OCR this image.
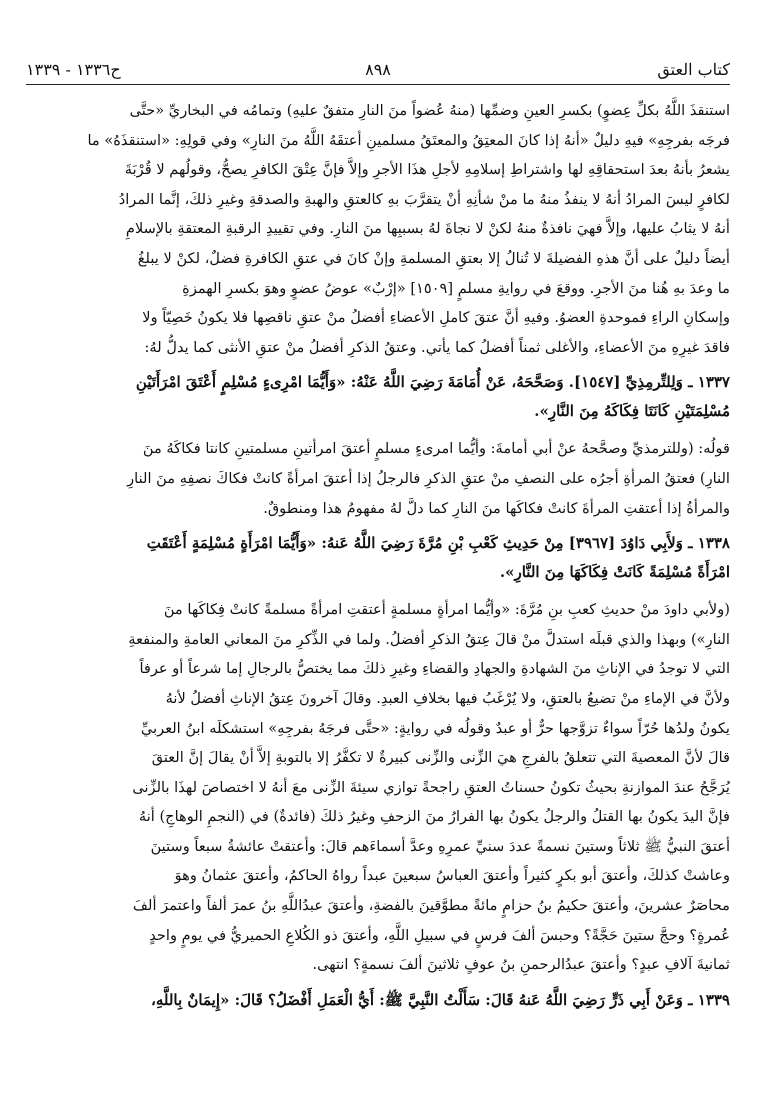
كتاب العتق
٨٩٨
ح١٣٣٦ - ١٣٣٩

استنقذَ اللَّهُ بكلِّ عِضوٍ) بكسرِ العينِ وضمِّها (منهُ عُضواً منَ النارِ متفقٌ عليهِ) وتمامُه في البخاريِّ «حتَّى

فرجَه بفرجِهِ» فيهِ دليلٌ «أنهُ إذا كانَ المعتِقُ والمعتَقُ مسلمينِ أعتقَهُ اللَّهُ منَ النارِ» وفي قولِهِ: «استنقذَهُ» ما

يشعرُ بأنهُ بعدَ استحقاقِهِ لها واشتراطِ إسلامِهِ لأجلِ هذَا الأجرِ وإلاَّ فإنَّ عِتْقَ الكافرِ يصحُّ، وقولُهم لا قُرْبَةَ

لكافرٍ ليسَ المرادُ أنهُ لا ينفذُ منهُ ما منْ شأنِهِ أنْ يتقرَّبَ بهِ كالعتقِ والهبةِ والصدقةِ وغيرِ ذلكَ، إنَّما المرادُ

أنهُ لا يثابُ عليها، وإلاَّ فهيَ نافذةٌ منهُ لكنْ لا نجاةَ لهُ بسببِها منَ النارِ. وفي تقييدِ الرقبةِ المعتقةِ بالإسلامِ

أيضاً دليلٌ على أنَّ هذهِ الفضيلةَ لا تُنالُ إلا بعتقِ المسلمةِ وإنْ كانَ في عتقِ الكافرةِ فضلٌ، لكنْ لا يبلغُ

ما وعدَ بهِ هُنا منَ الأجرِ. ووقعَ في روايةِ مسلمٍ [١٥٠٩] «إرْبٌ» عوضُ عضوٍ وهوَ بكسرِ الهمزةِ

وإسكانِ الراءِ فموحدةِ العضوُ. وفيهِ أنَّ عتقَ كاملِ الأعضاءِ أفضلُ منْ عتقِ ناقصِها فلا يكونُ خَصِيّاً ولا

فاقدَ غيرِهِ منَ الأعضاءِ، والأغلى ثمناً أفضلُ كما يأتي. وعتقُ الذكرِ أفضلُ منْ عتقِ الأنثى كما يدلُّ لهُ:

١٣٣٧ ـ وَلِلتِّرمِذِيِّ [١٥٤٧]. وَصَحَّحَهُ، عَنْ أُمَامَةَ رَضِيَ اللَّهُ عَنْهُ: «وَأَيُّمَا امْرِىءٍ مُسْلِمٍ أَعْتَقَ امْرَأَتَيْنِ

مُسْلِمَتَيْنِ كَانَتَا فِكَاكَهُ مِنَ النَّارِ».

قولُه: (وللترمذيِّ وصحَّحهُ عنْ أبي أمامةَ: وأيُّما امرىءٍ مسلمٍ أعتقَ امرأتينِ مسلمتينِ كانتا فكاكَهُ منَ

النارِ) فعتقُ المرأةِ أجرُه على النصفِ منْ عتقِ الذكرِ فالرجلُ إذا أعتقَ امرأةً كانتْ فكاكَ نصفِهِ منَ النارِ

والمرأةُ إذا أعتقتِ المرأةَ كانتْ فكاكَها منَ النارِ كما دلَّ لهُ مفهومُ هذا ومنطوقٌ.

١٣٣٨ ـ وَلأَبِي دَاوُدَ [٣٩٦٧] مِنْ حَدِيثِ كَعْبِ بْنِ مُرَّةَ رَضِيَ اللَّهُ عَنهُ: «وَأَيُّمَا امْرَأَةٍ مُسْلِمَةٍ أَعْتَقَتِ

امْرَأَةً مُسْلِمَةً كَانَتْ فِكَاكَهَا مِنَ النَّارِ».

(ولأبي داودَ منْ حديثِ كعبِ بنِ مُرَّةَ: «وأيُّما امرأةٍ مسلمةٍ أعتقتِ امرأةً مسلمةً كانتْ فِكاكَها منَ

النارِ») وبهذا والذي قبلَه استدلَّ منْ قالَ عِتقُ الذكرِ أفضلُ. ولما في الذِّكرِ منَ المعاني العامةِ والمنفعةِ

التي لا توجدُ في الإناثِ منَ الشهادةِ والجهادِ والقضاءِ وغيرِ ذلكَ مما يختصُّ بالرجالِ إما شرعاً أو عرفاً

ولأنَّ في الإماءِ منْ تضيعُ بالعتقِ، ولا يُرْغَبُ فيها بخلافِ العبدِ. وقالَ آخرونَ عِتقُ الإناثِ أفضلُ لأنهُ

يكونُ ولدُها حُرّاً سواءٌ تزوَّجها حرٌّ أو عبدٌ وقولُه في روايةٍ: «حتَّى فرجَهُ بفرجِهِ» استشكلَه ابنُ العربيِّ

قالَ لأنَّ المعصيةَ التي تتعلقُ بالفرجِ هيَ الزِّنى والزِّنى كبيرةٌ لا تكفَّرُ إلا بالتوبةِ إلاَّ أنْ يقالَ إنَّ العتقَ

يُرَجَّحُ عندَ الموازنةِ بحيثُ تكونُ حسناتُ العتقِ راجحةً توازي سيئةَ الزِّنى معَ أنهُ لا اختصاصَ لهذَا بالزِّنى

فإنَّ اليدَ يكونُ بها القتلُ والرجلُ يكونُ بها الفرارُ منَ الزحفِ وغيرُ ذلكَ (فائدةٌ) في (النجمِ الوهاجِ) أنهُ

أعتقَ النبيُّ ﷺ ثلاثاً وستينَ نسمةً عددَ سنيِّ عمرِهِ وعدَّ أسماءَهم قالَ: وأعتقتْ عائشةُ سبعاً وستينَ

وعاشتْ كذلكَ، وأعتقَ أبو بكرٍ كثيراً وأعتقَ العباسُ سبعينَ عبداً رواهُ الحاكمُ، وأعتقَ عثمانُ وهوَ

محاصَرٌ عشرينَ، وأعتقَ حكيمُ بنُ حزامٍ مائةً مطوَّقينَ بالفضةِ، وأعتقَ عبدُاللَّهِ بنُ عمرَ ألفاً واعتمرَ ألفَ

عُمرةٍ؟ وحجَّ ستينَ حَجَّةً؟ وحبسَ ألفَ فرسٍ في سبيلِ اللَّهِ، وأعتقَ ذو الكُلاعِ الحميريُّ في يومٍ واحدٍ

ثمانيةَ آلافِ عبدٍ؟ وأعتقَ عبدُالرحمنِ بنُ عوفٍ ثلاثينَ ألفَ نسمةٍ؟ انتهى.

١٣٣٩ ـ وَعَنْ أَبِي ذَرٍّ رَضِيَ اللَّهُ عَنهُ قَالَ: سَأَلْتُ النَّبِيَّ ﷺ: أَيُّ الْعَمَلِ أَفْضَلُ؟ قَالَ: «إِيمَانٌ بِاللَّهِ،
